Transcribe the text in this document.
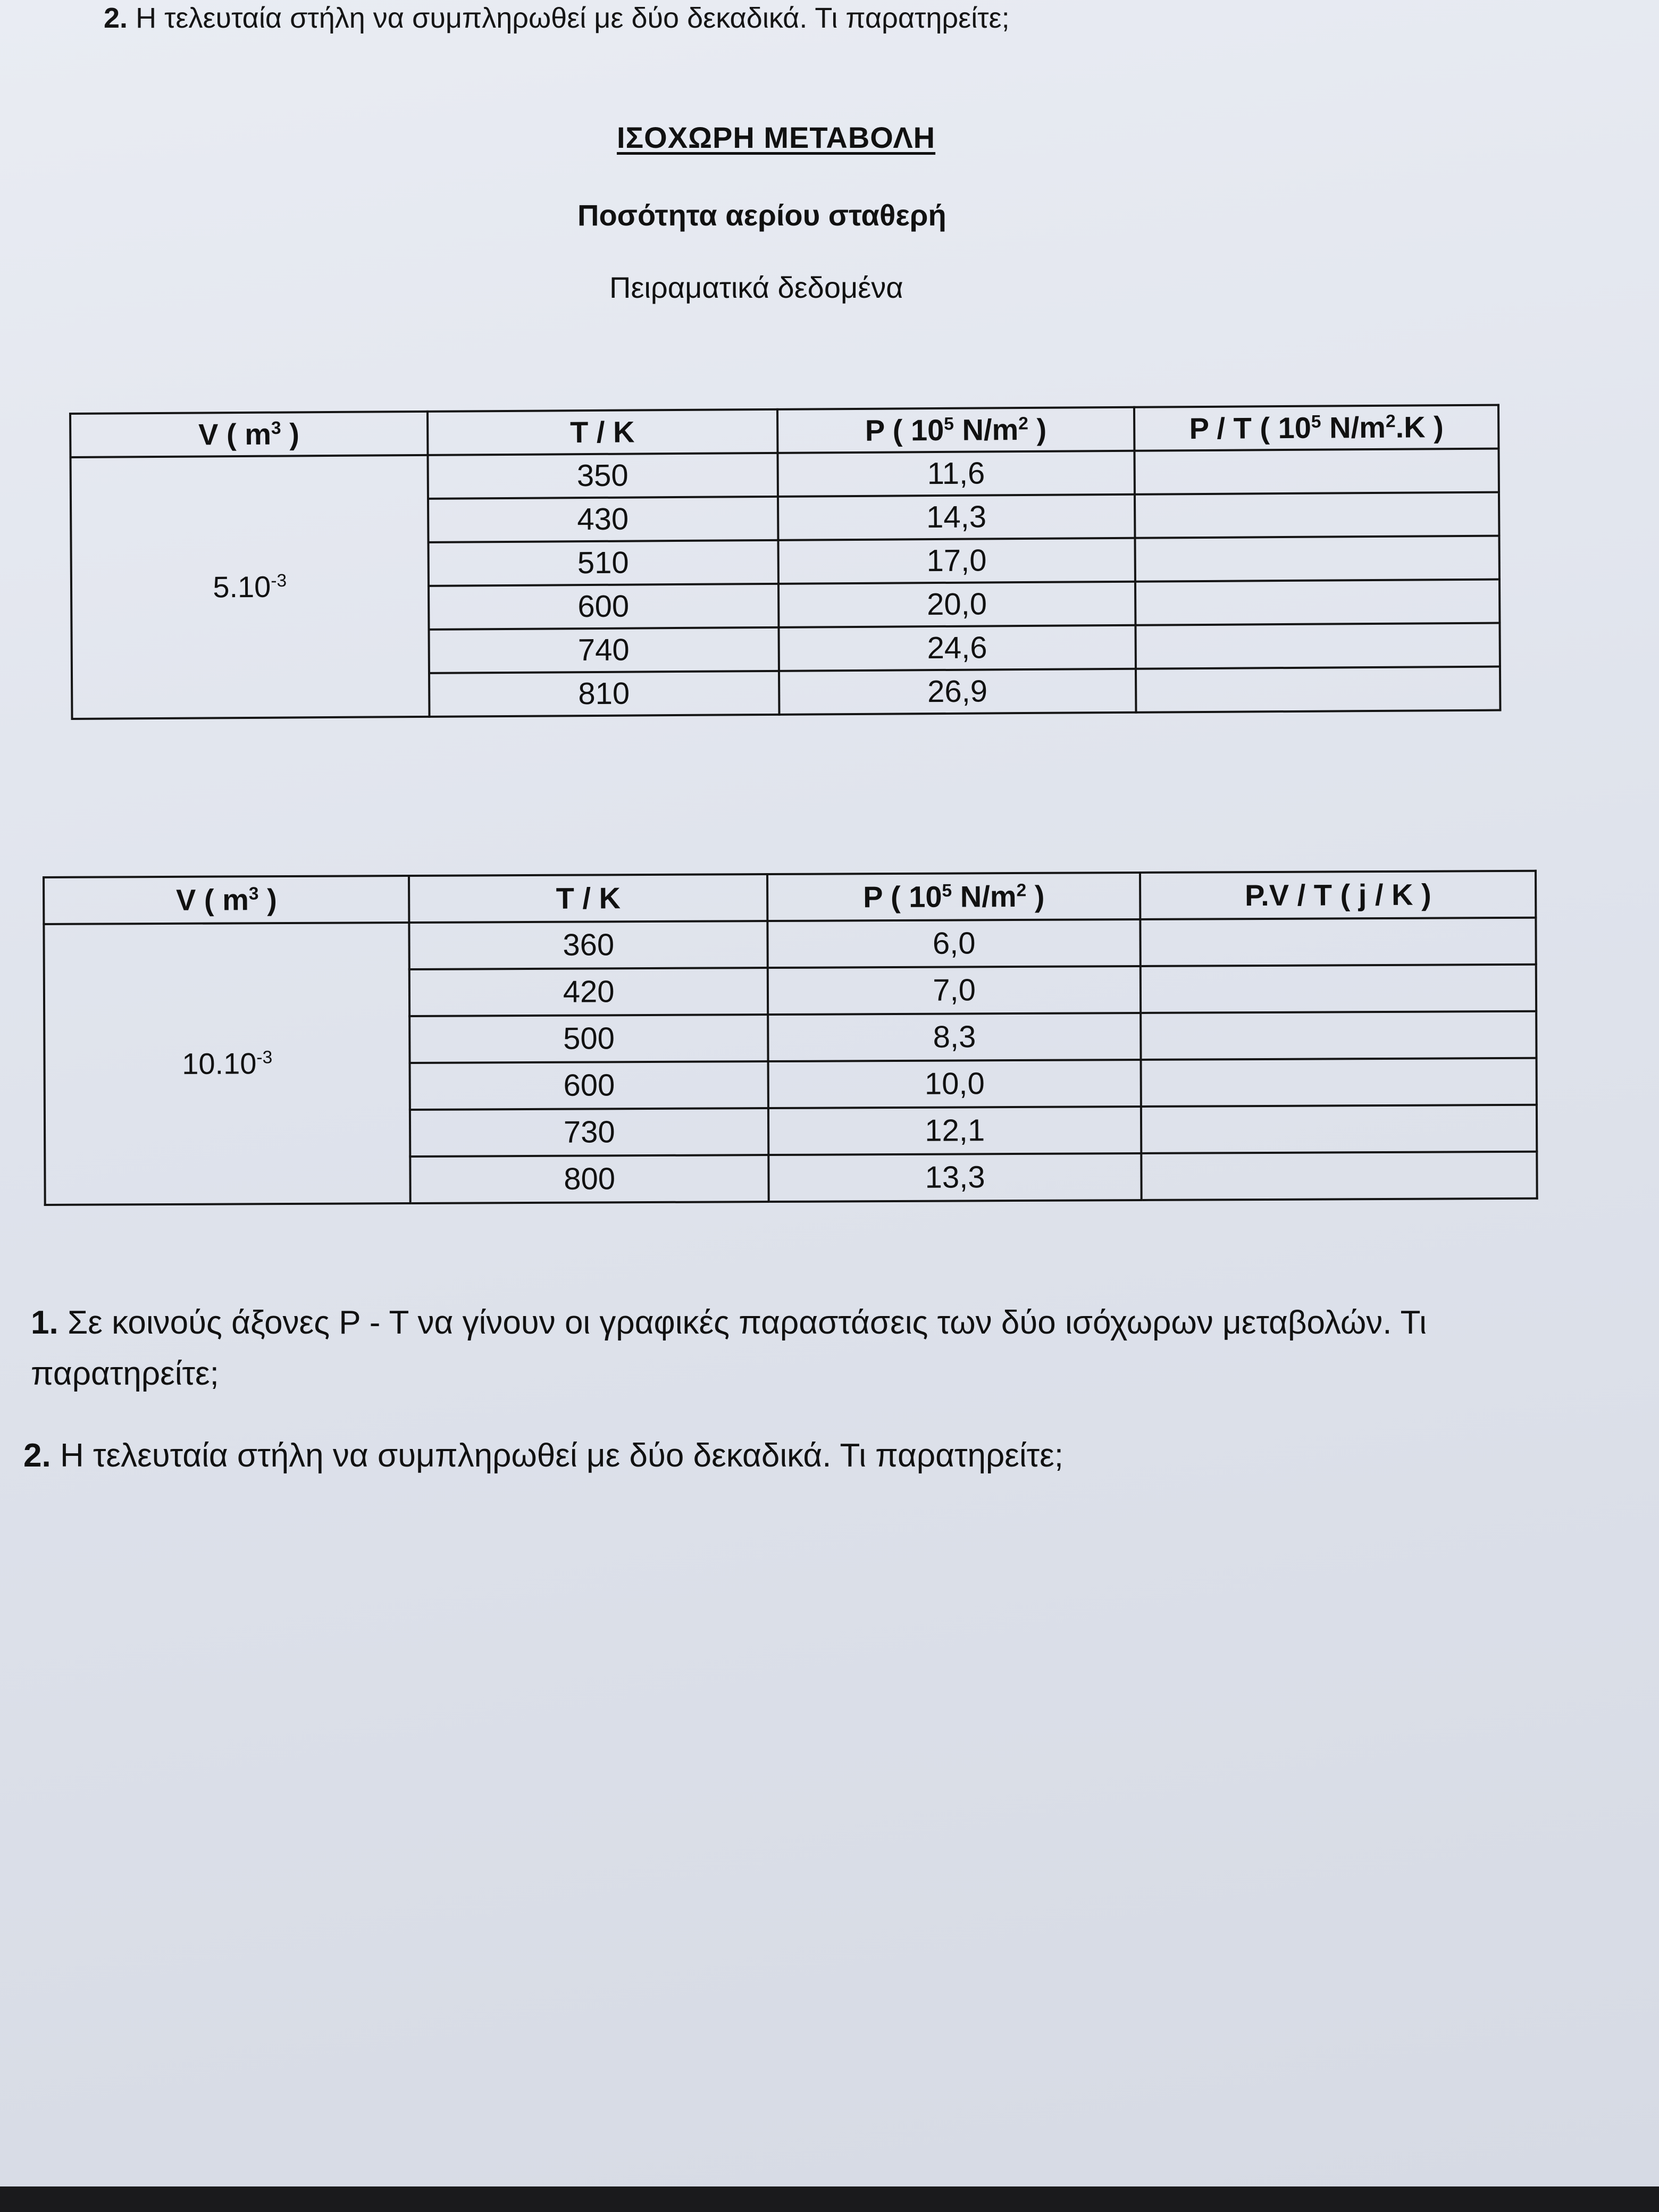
2. Η τελευταία στήλη να συμπληρωθεί με δύο δεκαδικά. Τι παρατηρείτε;
ΙΣΟΧΩΡΗ ΜΕΤΑΒΟΛΗ
Ποσότητα αερίου σταθερή
Πειραματικά δεδομένα
V ( $m^3$ )	T / K	P ( $10^5$ $N/m^2$ )	P / T ( $10^5$ $N/m^2.K$ )
$5.10^{-3}$	350	11,6	
	430	14,3	
	510	17,0	
	600	20,0	
	740	24,6	
	810	26,9	
V ( $m^3$ )	T / K	P ( $10^5$ $N/m^2$ )	P.V / T ( j / K )
$10.10^{-3}$	360	6,0	
	420	7,0	
	500	8,3	
	600	10,0	
	730	12,1	
	800	13,3	
1. Σε κοινούς άξονες P - T να γίνουν οι γραφικές παραστάσεις των δύο ισόχωρων μεταβολών. Τι παρατηρείτε;
2. Η τελευταία στήλη να συμπληρωθεί με δύο δεκαδικά. Τι παρατηρείτε;
